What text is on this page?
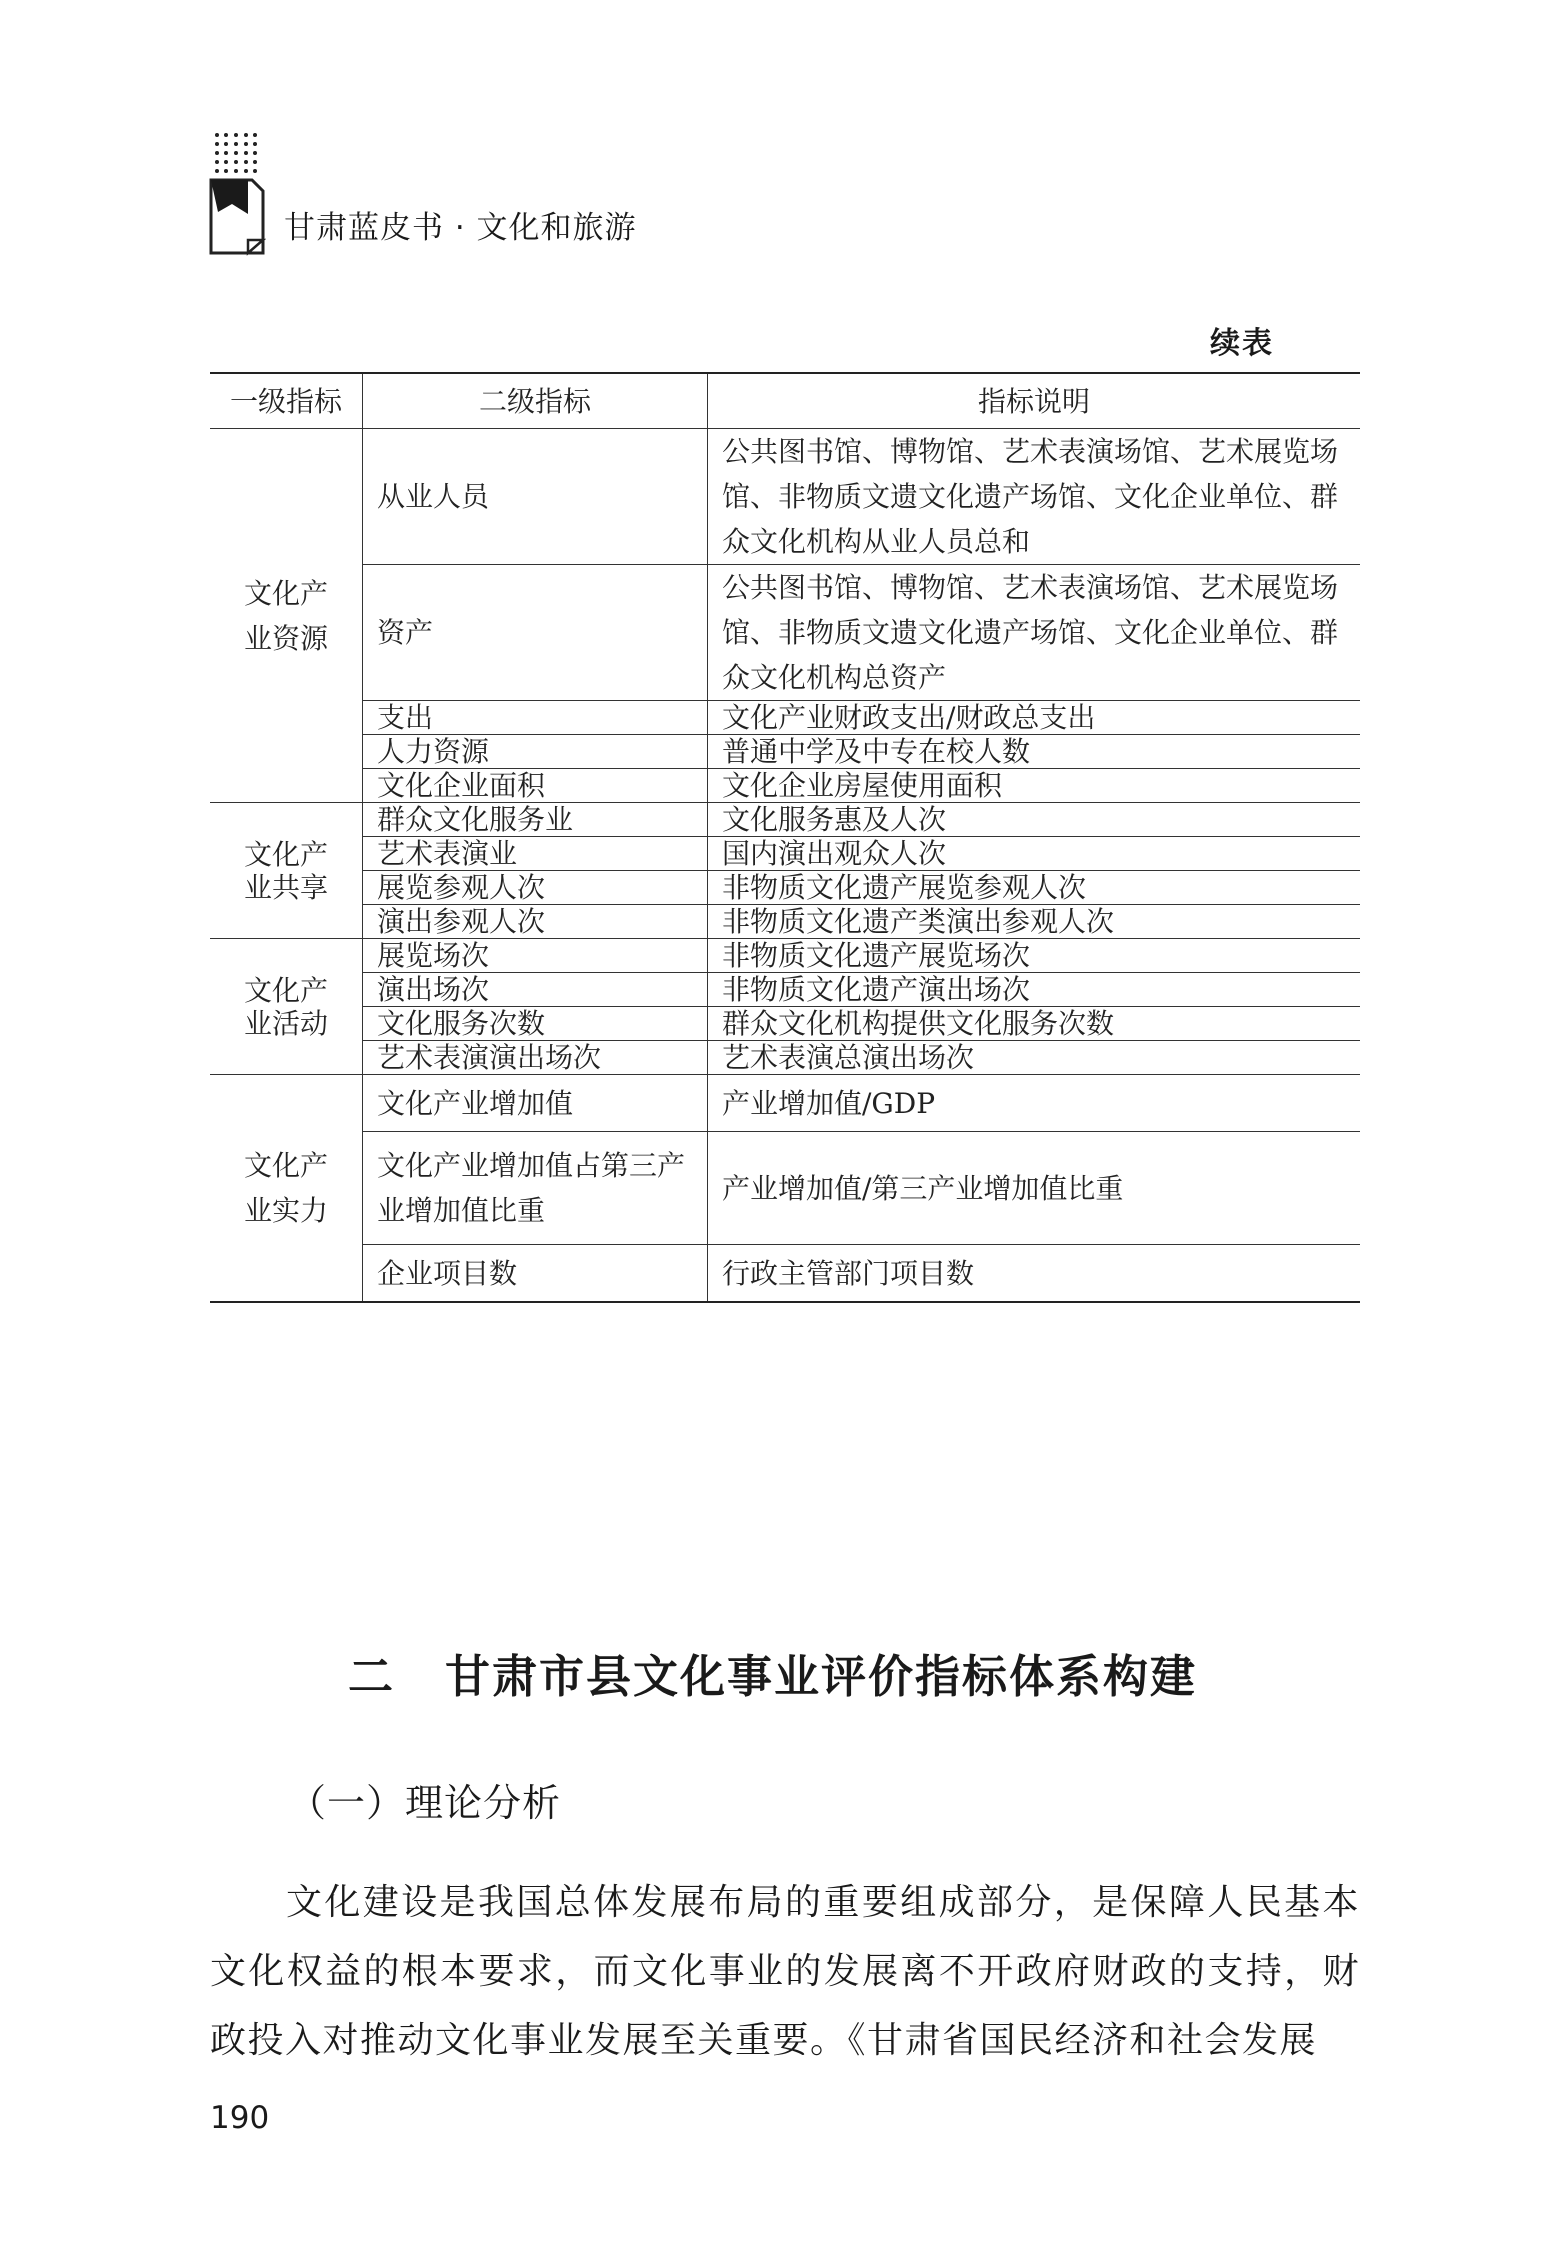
甘肃蓝皮书 · 文化和旅游
续表
一级指标	二级指标	指标说明
文化产业资源	从业人员	公共图书馆、博物馆、艺术表演场馆、艺术展览场馆、非物质文遗文化遗产场馆、文化企业单位、群众文化机构从业人员总和
	资产	公共图书馆、博物馆、艺术表演场馆、艺术展览场馆、非物质文遗文化遗产场馆、文化企业单位、群众文化机构总资产
	支出	文化产业财政支出/财政总支出
	人力资源	普通中学及中专在校人数
	文化企业面积	文化企业房屋使用面积
文化产业共享	群众文化服务业	文化服务惠及人次
	艺术表演业	国内演出观众人次
	展览参观人次	非物质文化遗产展览参观人次
	演出参观人次	非物质文化遗产类演出参观人次
文化产业活动	展览场次	非物质文化遗产展览场次
	演出场次	非物质文化遗产演出场次
	文化服务次数	群众文化机构提供文化服务次数
	艺术表演演出场次	艺术表演总演出场次
文化产业实力	文化产业增加值	产业增加值/GDP
	文化产业增加值占第三产业增加值比重	产业增加值/第三产业增加值比重
	企业项目数	行政主管部门项目数
二 甘肃市县文化事业评价指标体系构建
（一）理论分析

文化建设是我国总体发展布局的重要组成部分，是保障人民基本文化权益的根本要求，而文化事业的发展离不开政府财政的支持，财政投入对推动文化事业发展至关重要。《甘肃省国民经济和社会发展

190
